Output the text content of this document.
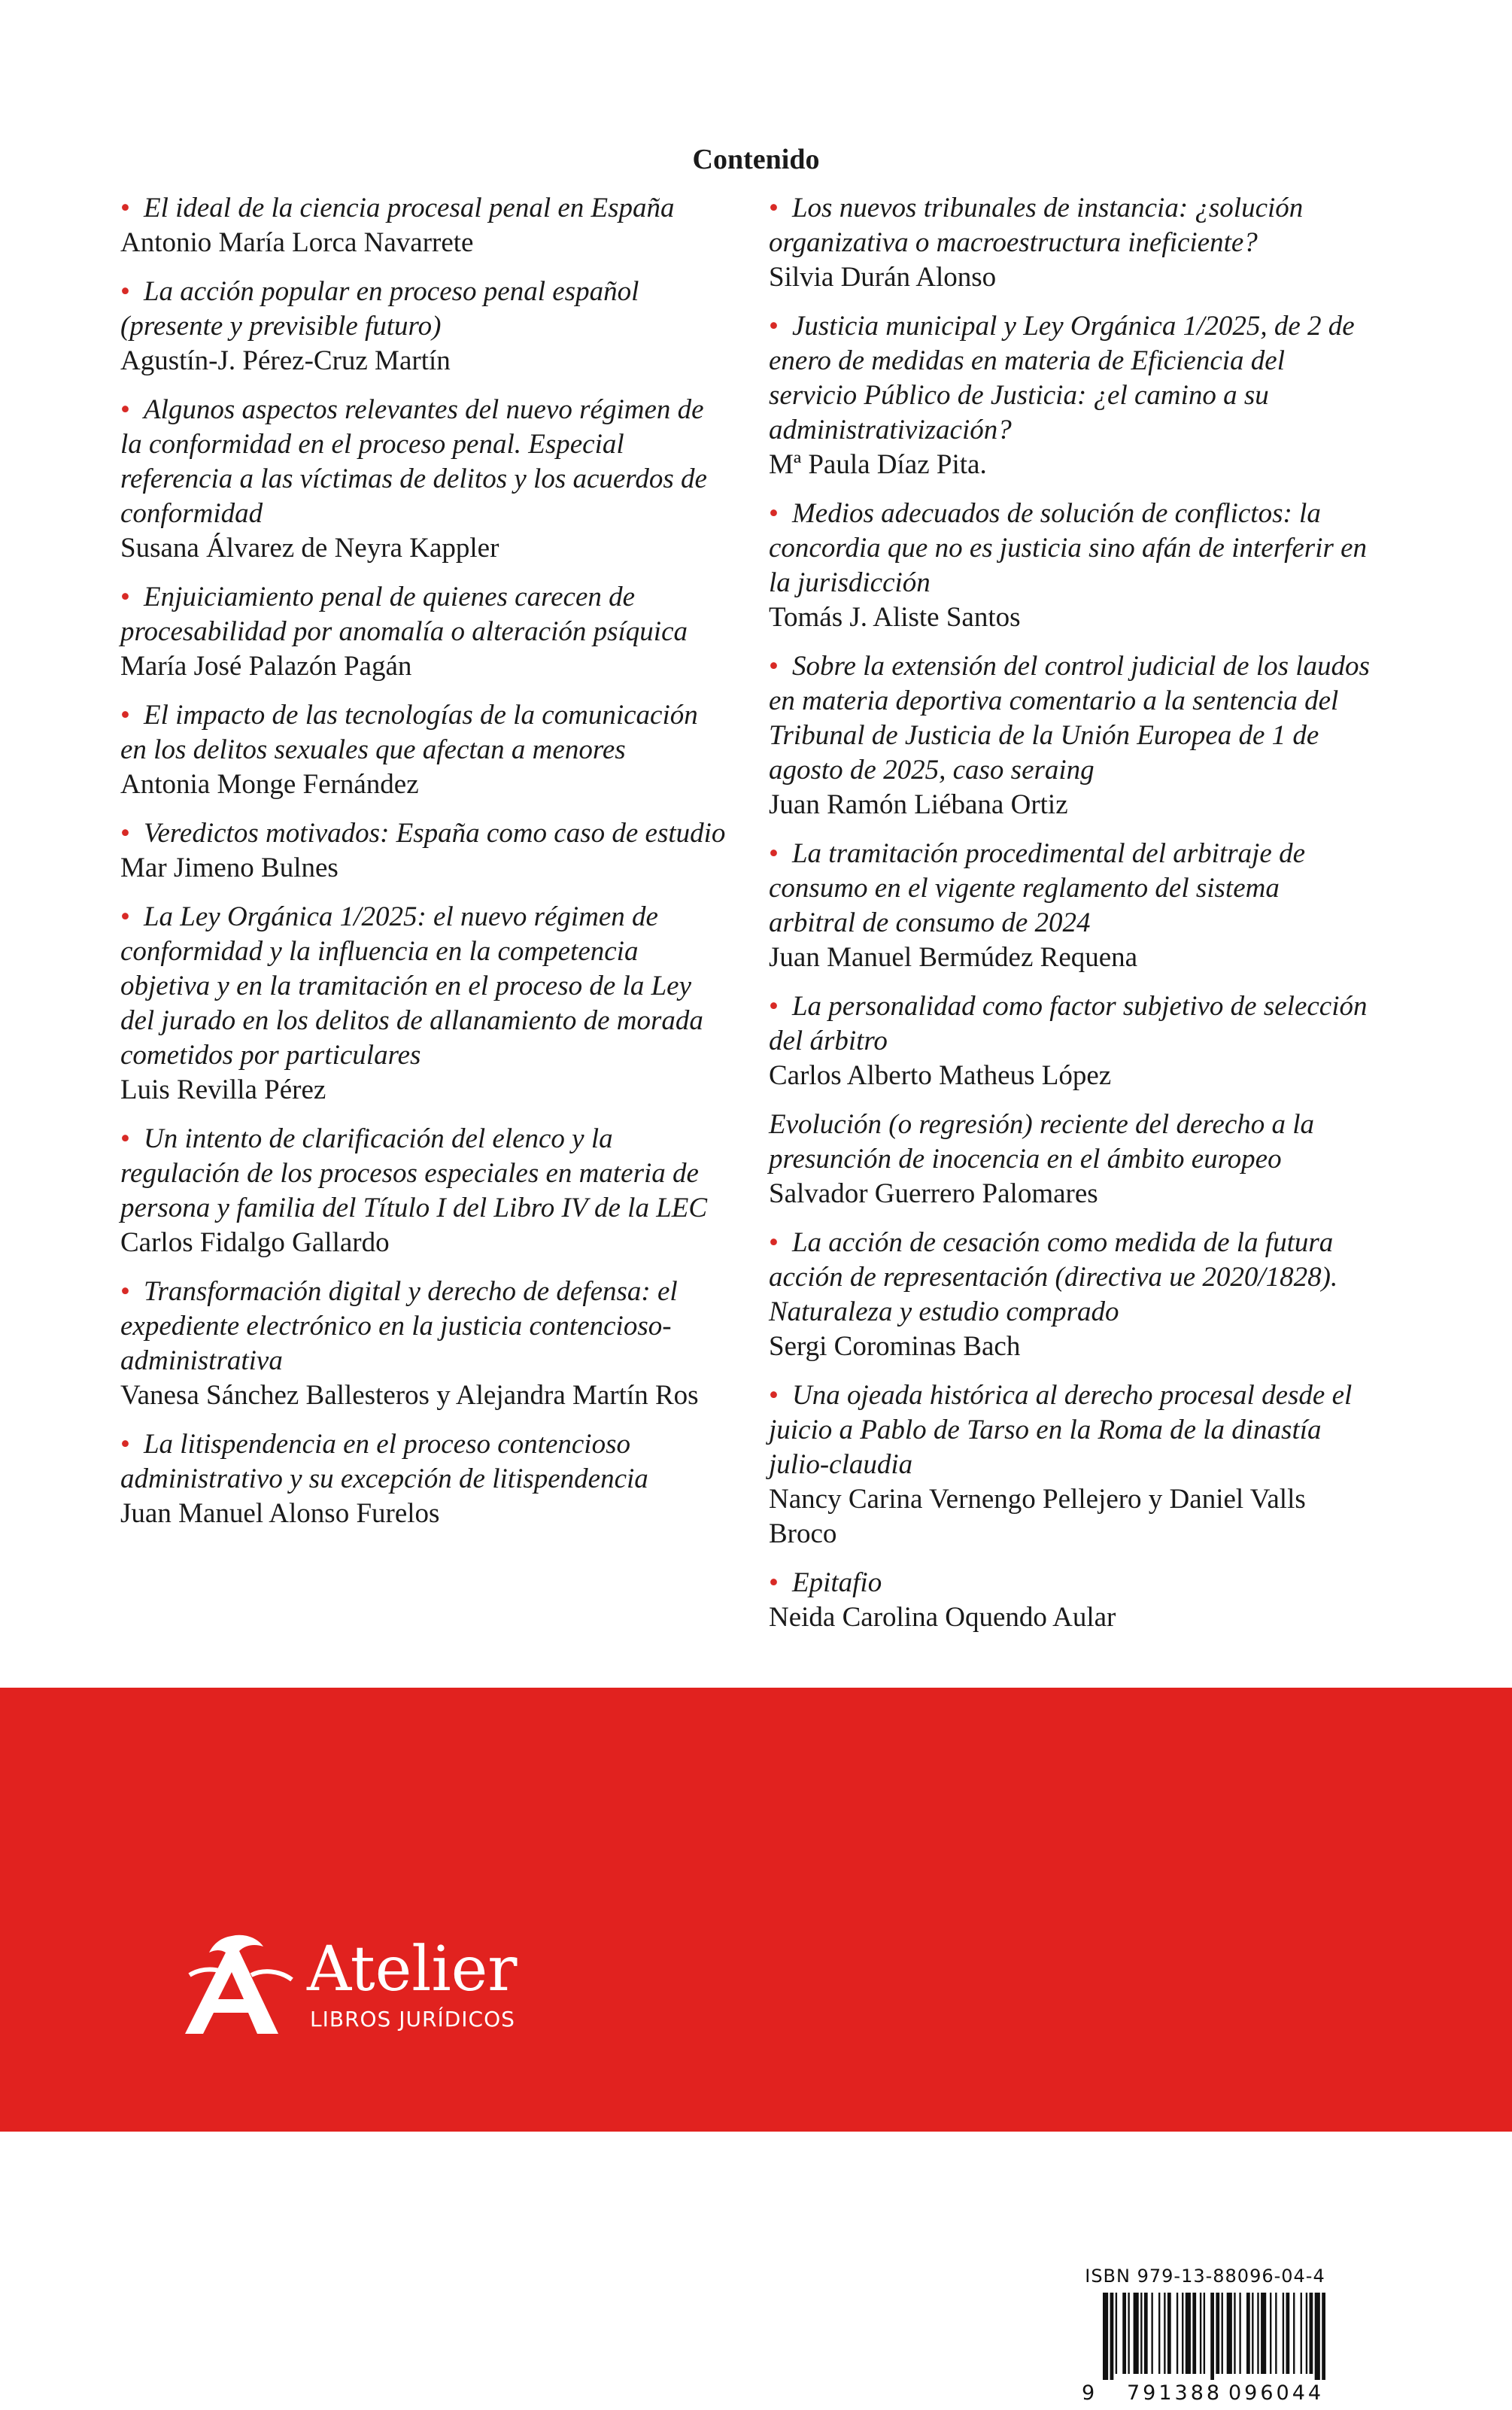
Contenido
• El ideal de la ciencia procesal penal en España
Antonio María Lorca Navarrete
• La acción popular en proceso penal español (presente y previsible futuro)
Agustín-J. Pérez-Cruz Martín
• Algunos aspectos relevantes del nuevo régimen de la conformidad en el proceso penal. Especial referencia a las víctimas de delitos y los acuerdos de conformidad
Susana Álvarez de Neyra Kappler
• Enjuiciamiento penal de quienes carecen de procesabilidad por anomalía o alteración psíquica
María José Palazón Pagán
• El impacto de las tecnologías de la comunicación en los delitos sexuales que afectan a menores
Antonia Monge Fernández
• Veredictos motivados: España como caso de estudio
Mar Jimeno Bulnes
• La Ley Orgánica 1/2025: el nuevo régimen de conformidad y la influencia en la competencia objetiva y en la tramitación en el proceso de la Ley del jurado en los delitos de allanamiento de morada cometidos por particulares
Luis Revilla Pérez
• Un intento de clarificación del elenco y la regulación de los procesos especiales en materia de persona y familia del Título I del Libro IV de la LEC
Carlos Fidalgo Gallardo
• Transformación digital y derecho de defensa: el expediente electrónico en la justicia contencioso-administrativa
Vanesa Sánchez Ballesteros y Alejandra Martín Ros
• La litispendencia en el proceso contencioso administrativo y su excepción de litispendencia
Juan Manuel Alonso Furelos
• Los nuevos tribunales de instancia: ¿solución organizativa o macroestructura ineficiente?
Silvia Durán Alonso
• Justicia municipal y Ley Orgánica 1/2025, de 2 de enero de medidas en materia de Eficiencia del servicio Público de Justicia: ¿el camino a su administrativización?
Mª Paula Díaz Pita.
• Medios adecuados de solución de conflictos: la concordia que no es justicia sino afán de interferir en la jurisdicción
Tomás J. Aliste Santos
• Sobre la extensión del control judicial de los laudos en materia deportiva comentario a la sentencia del Tribunal de Justicia de la Unión Europea de 1 de agosto de 2025, caso seraing
Juan Ramón Liébana Ortiz
• La tramitación procedimental del arbitraje de consumo en el vigente reglamento del sistema arbitral de consumo de 2024
Juan Manuel Bermúdez Requena
• La personalidad como factor subjetivo de selección del árbitro
Carlos Alberto Matheus López
Evolución (o regresión) reciente del derecho a la presunción de inocencia en el ámbito europeo
Salvador Guerrero Palomares
• La acción de cesación como medida de la futura acción de representación (directiva ue 2020/1828). Naturaleza y estudio comprado
Sergi Corominas Bach
• Una ojeada histórica al derecho procesal desde el juicio a Pablo de Tarso en la Roma de la dinastía julio-claudia
Nancy Carina Vernengo Pellejero y Daniel Valls Broco
• Epitafio
Neida Carolina Oquendo Aular
Atelier
LIBROS JURÍDICOS
ISBN 979-13-88096-04-4
9 791388 096044
